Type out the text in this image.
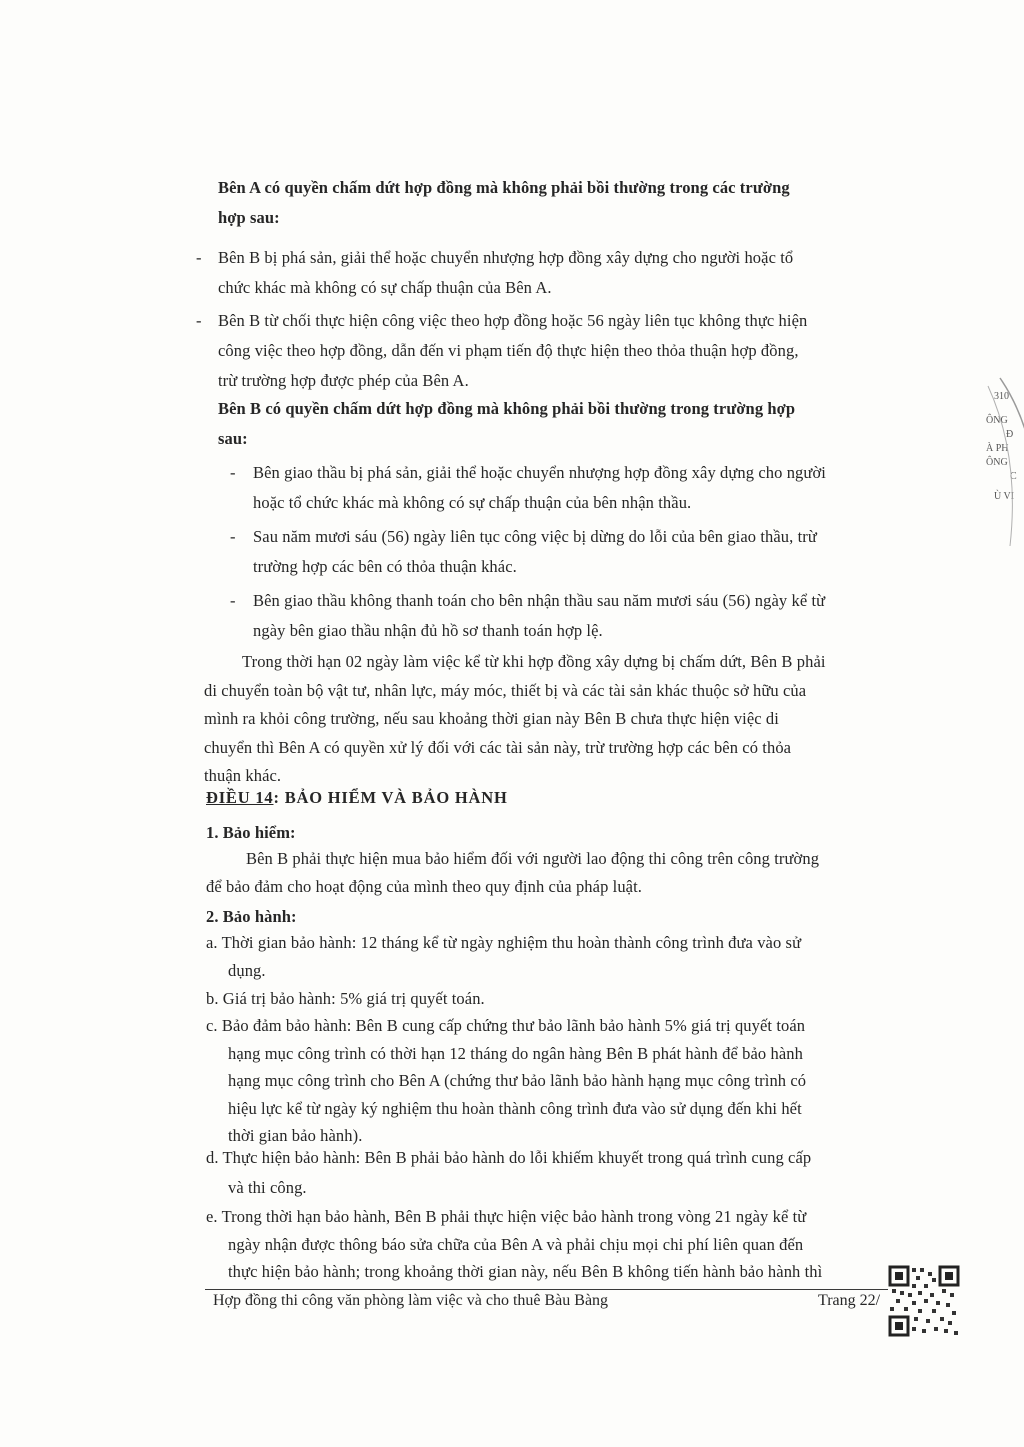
Bên A có quyền chấm dứt hợp đồng mà không phải bồi thường trong các trường
hợp sau:
- Bên B bị phá sản, giải thể hoặc chuyển nhượng hợp đồng xây dựng cho người hoặc tổ
chức khác mà không có sự chấp thuận của Bên A.
- Bên B từ chối thực hiện công việc theo hợp đồng hoặc 56 ngày liên tục không thực hiện
công việc theo hợp đồng, dẫn đến vi phạm tiến độ thực hiện theo thỏa thuận hợp đồng,
trừ trường hợp được phép của Bên A.
Bên B có quyền chấm dứt hợp đồng mà không phải bồi thường trong trường hợp
sau:
- Bên giao thầu bị phá sản, giải thể hoặc chuyển nhượng hợp đồng xây dựng cho người
hoặc tổ chức khác mà không có sự chấp thuận của bên nhận thầu.
- Sau năm mươi sáu (56) ngày liên tục công việc bị dừng do lỗi của bên giao thầu, trừ
trường hợp các bên có thỏa thuận khác.
- Bên giao thầu không thanh toán cho bên nhận thầu sau năm mươi sáu (56) ngày kể từ
ngày bên giao thầu nhận đủ hồ sơ thanh toán hợp lệ.
Trong thời hạn 02 ngày làm việc kể từ khi hợp đồng xây dựng bị chấm dứt, Bên B phải
di chuyển toàn bộ vật tư, nhân lực, máy móc, thiết bị và các tài sản khác thuộc sở hữu của
mình ra khỏi công trường, nếu sau khoảng thời gian này Bên B chưa thực hiện việc di
chuyển thì Bên A có quyền xử lý đối với các tài sản này, trừ trường hợp các bên có thỏa
thuận khác.
ĐIỀU 14: BẢO HIỂM VÀ BẢO HÀNH
1. Bảo hiểm:
Bên B phải thực hiện mua bảo hiểm đối với người lao động thi công trên công trường
để bảo đảm cho hoạt động của mình theo quy định của pháp luật.
2. Bảo hành:
a. Thời gian bảo hành: 12 tháng kể từ ngày nghiệm thu hoàn thành công trình đưa vào sử
dụng.
b. Giá trị bảo hành: 5% giá trị quyết toán.
c. Bảo đảm bảo hành: Bên B cung cấp chứng thư bảo lãnh bảo hành 5% giá trị quyết toán
hạng mục công trình có thời hạn 12 tháng do ngân hàng Bên B phát hành để bảo hành
hạng mục công trình cho Bên A (chứng thư bảo lãnh bảo hành hạng mục công trình có
hiệu lực kể từ ngày ký nghiệm thu hoàn thành công trình đưa vào sử dụng đến khi hết
thời gian bảo hành).
d. Thực hiện bảo hành: Bên B phải bảo hành do lỗi khiếm khuyết trong quá trình cung cấp
và thi công.
e. Trong thời hạn bảo hành, Bên B phải thực hiện việc bảo hành trong vòng 21 ngày kể từ
ngày nhận được thông báo sửa chữa của Bên A và phải chịu mọi chi phí liên quan đến
thực hiện bảo hành; trong khoảng thời gian này, nếu Bên B không tiến hành bảo hành thì
Hợp đồng thi công văn phòng làm việc và cho thuê Bàu Bàng	Trang 22/
310
ÔNG
Đ
À PH
ÔNG
C
Ù VI
